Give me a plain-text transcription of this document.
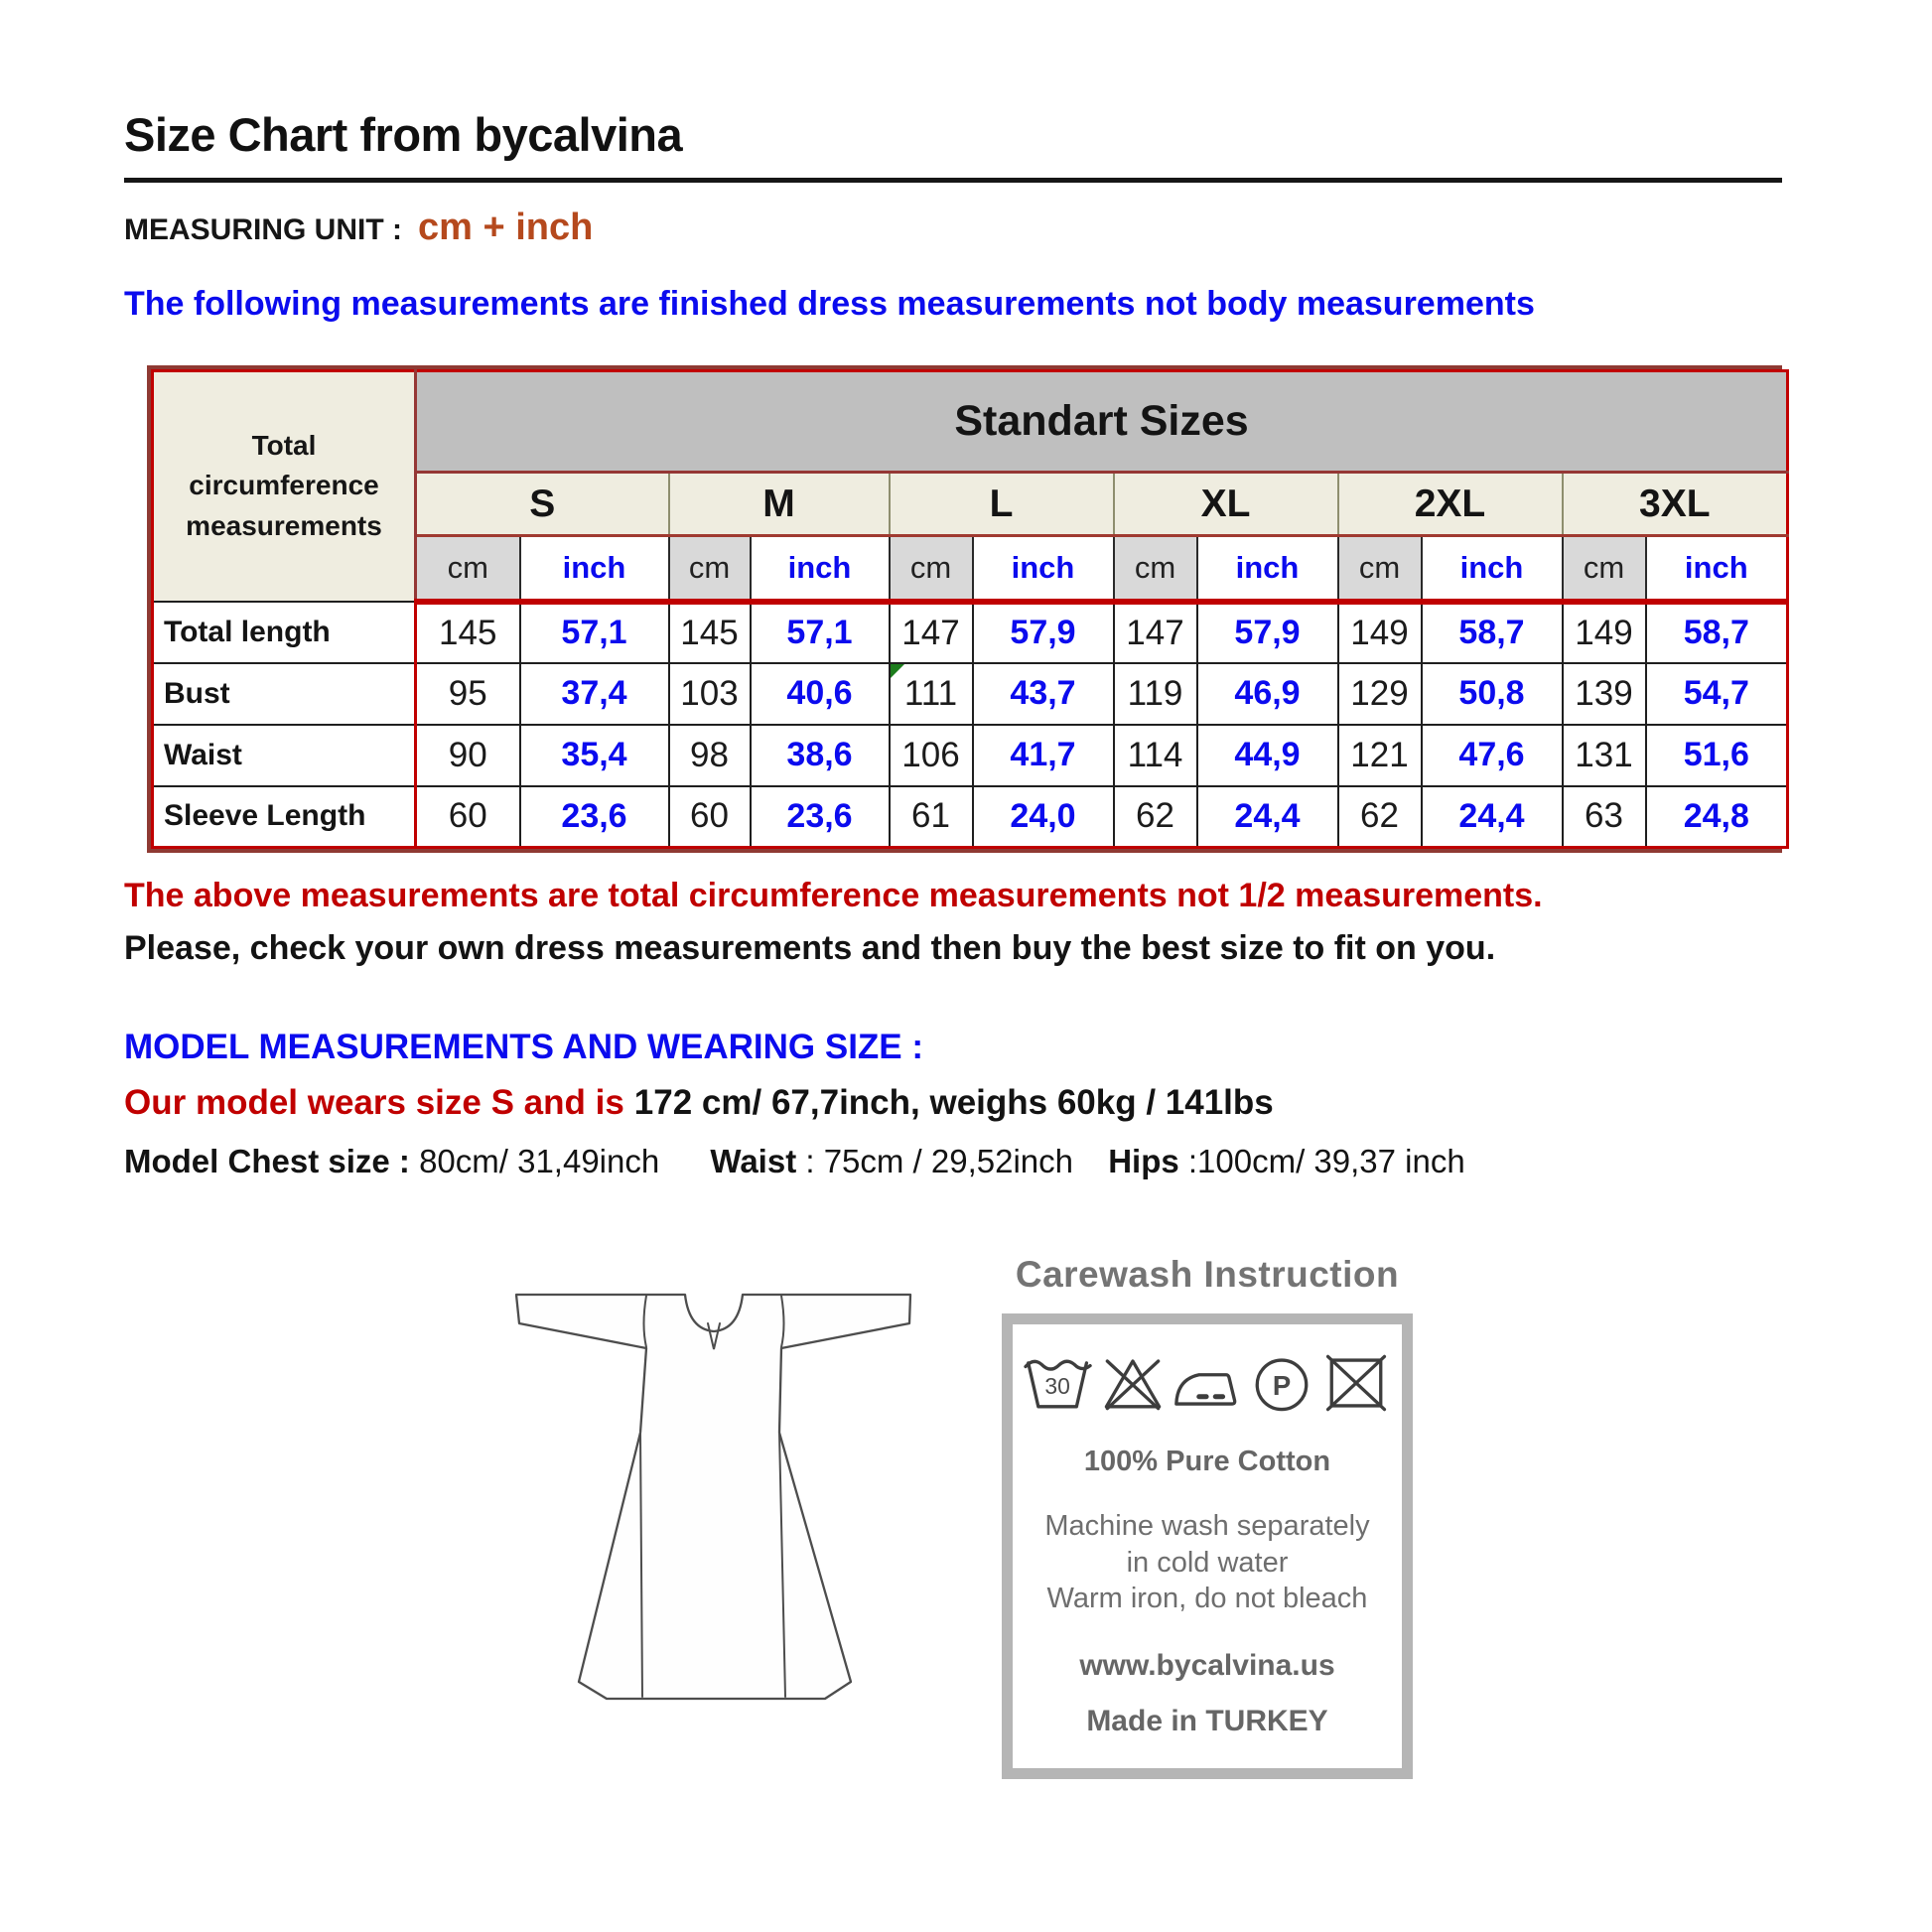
Size Chart from bycalvina
MEASURING UNIT : cm + inch
The following measurements are finished dress measurements not body measurements
Total circumference measurements	Standart Sizes											
	S		M		L		XL		2XL		3XL	
	cm	inch	cm	inch	cm	inch	cm	inch	cm	inch	cm	inch
Total length	145	57,1	145	57,1	147	57,9	147	57,9	149	58,7	149	58,7
Bust	95	37,4	103	40,6	111	43,7	119	46,9	129	50,8	139	54,7
Waist	90	35,4	98	38,6	106	41,7	114	44,9	121	47,6	131	51,6
Sleeve Length	60	23,6	60	23,6	61	24,0	62	24,4	62	24,4	63	24,8
The above measurements are total circumference measurements not 1/2 measurements.
Please, check your own dress measurements and then buy the best size to fit on you.
MODEL MEASUREMENTS AND WEARING SIZE :
Our model wears size S and is 172 cm/ 67,7inch, weighs 60kg / 141lbs
Model Chest size : 80cm/ 31,49inch Waist : 75cm / 29,52inch Hips :100cm/ 39,37 inch
Carewash Instruction
30	P
100% Pure Cotton
Machine wash separately
in cold water
Warm iron, do not bleach
www.bycalvina.us
Made in TURKEY
